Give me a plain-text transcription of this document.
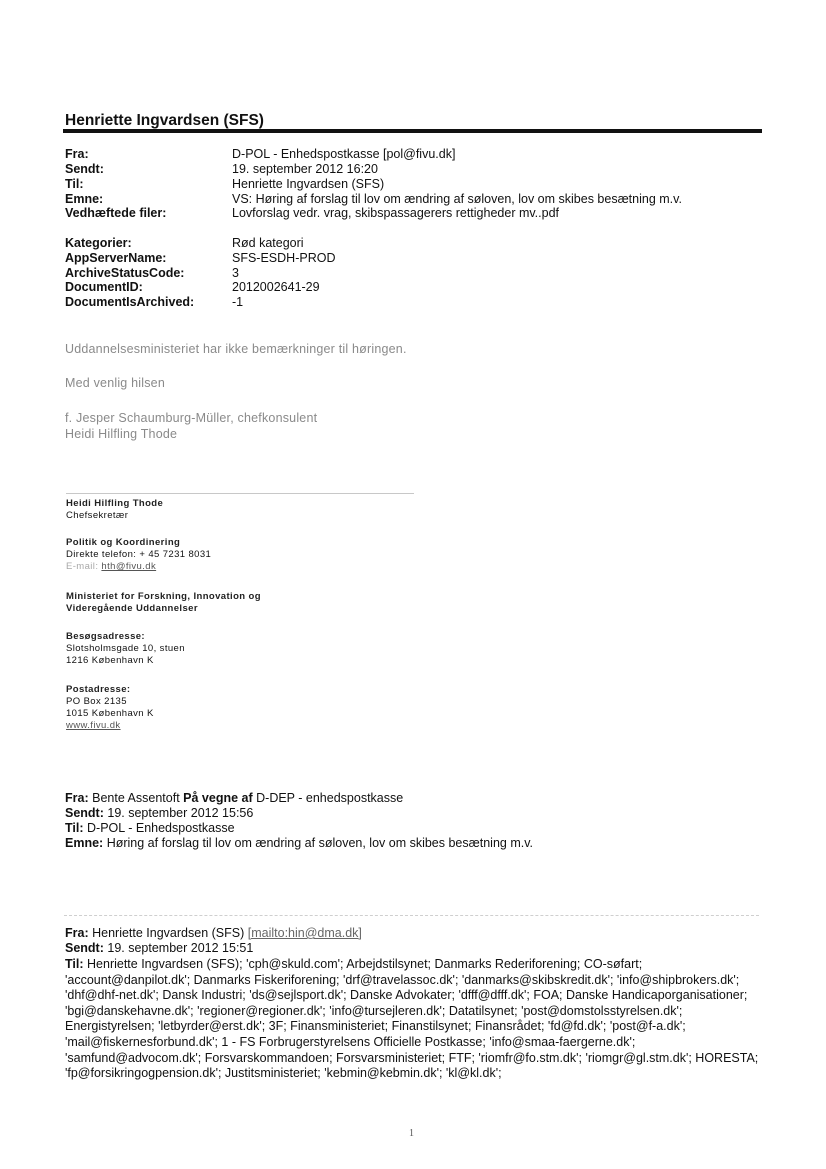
Henriette Ingvardsen (SFS)
Fra:	D-POL - Enhedspostkasse [pol@fivu.dk]
Sendt:	19. september 2012 16:20
Til:	Henriette Ingvardsen (SFS)
Emne:	VS: Høring af forslag til lov om ændring af søloven, lov om skibes besætning m.v.
Vedhæftede filer:	Lovforslag vedr. vrag, skibspassagerers rettigheder mv..pdf
Kategorier:	Rød kategori
AppServerName:	SFS-ESDH-PROD
ArchiveStatusCode:	3
DocumentID:	2012002641-29
DocumentIsArchived:	-1
Uddannelsesministeriet har ikke bemærkninger til høringen.
Med venlig hilsen
f. Jesper Schaumburg-Müller, chefkonsulent
Heidi Hilfling Thode
Heidi Hilfling Thode
Chefsekretær
Politik og Koordinering
Direkte telefon: + 45 7231 8031
E-mail: hth@fivu.dk
Ministeriet for Forskning, Innovation og
Videregående Uddannelser
Besøgsadresse:
Slotsholmsgade 10, stuen
1216 København K
Postadresse:
PO Box 2135
1015 København K
www.fivu.dk
Fra: Bente Assentoft På vegne af D-DEP - enhedspostkasse
Sendt: 19. september 2012 15:56
Til: D-POL - Enhedspostkasse
Emne: Høring af forslag til lov om ændring af søloven, lov om skibes besætning m.v.
Fra: Henriette Ingvardsen (SFS) [mailto:hin@dma.dk]
Sendt: 19. september 2012 15:51
Til: Henriette Ingvardsen (SFS); 'cph@skuld.com'; Arbejdstilsynet; Danmarks Rederiforening; CO-søfart; 'account@danpilot.dk'; Danmarks Fiskeriforening; 'drf@travelassoc.dk'; 'danmarks@skibskredit.dk'; 'info@shipbrokers.dk'; 'dhf@dhf-net.dk'; Dansk Industri; 'ds@sejlsport.dk'; Danske Advokater; 'dfff@dfff.dk'; FOA; Danske Handicaporganisationer; 'bgi@danskehavne.dk'; 'regioner@regioner.dk'; 'info@tursejleren.dk'; Datatilsynet; 'post@domstolsstyrelsen.dk'; Energistyrelsen; 'letbyrder@erst.dk'; 3F; Finansministeriet; Finanstilsynet; Finansrådet; 'fd@fd.dk'; 'post@f-a.dk'; 'mail@fiskernesforbund.dk'; 1 - FS Forbrugerstyrelsens Officielle Postkasse; 'info@smaa-faergerne.dk'; 'samfund@advocom.dk'; Forsvarskommandoen; Forsvarsministeriet; FTF; 'riomfr@fo.stm.dk'; 'riomgr@gl.stm.dk'; HORESTA; 'fp@forsikringogpension.dk'; Justitsministeriet; 'kebmin@kebmin.dk'; 'kl@kl.dk';
1
